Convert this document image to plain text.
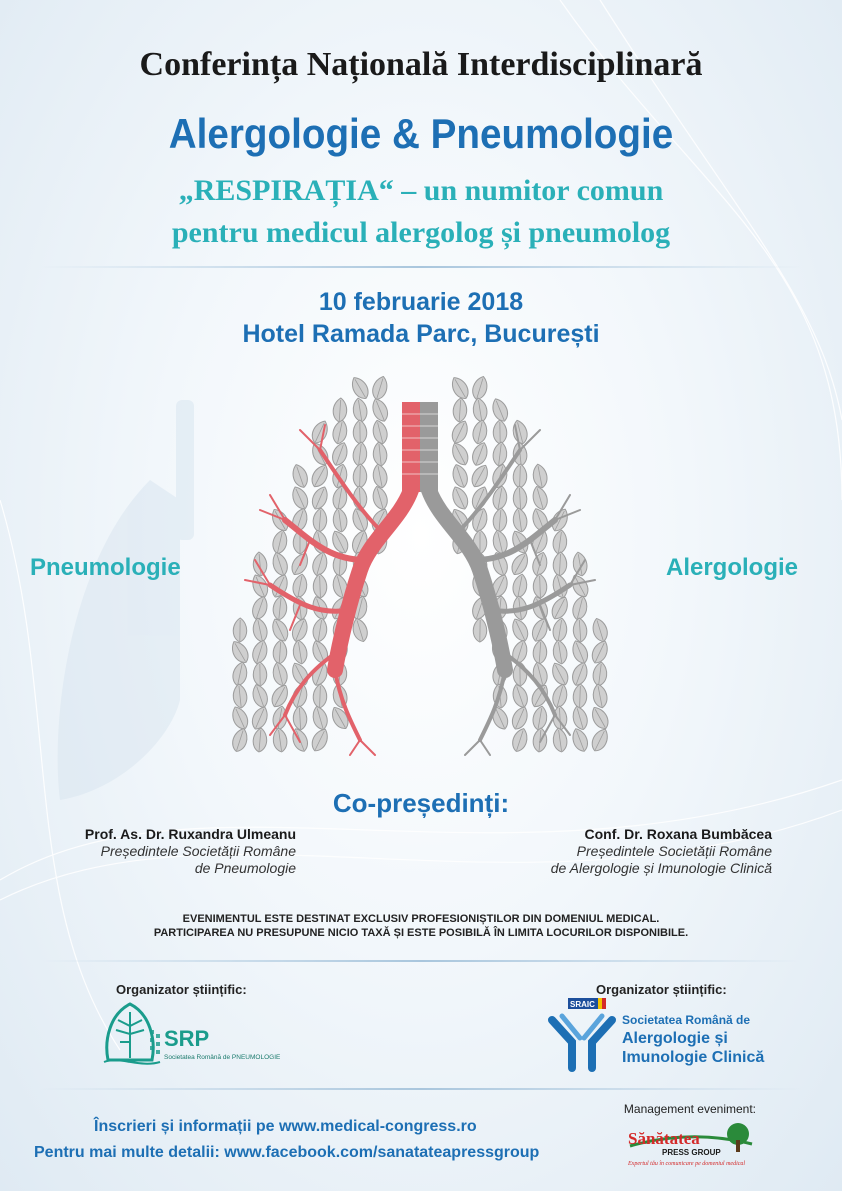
Conferința Națională Interdisciplinară
Alergologie & Pneumologie
„RESPIRAȚIA“ – un numitor comun
pentru medicul alergolog și pneumolog
10 februarie 2018
Hotel Ramada Parc, București
Pneumologie	Alergologie
Co-președinți:
Prof. As. Dr. Ruxandra Ulmeanu
Președintele Societății Române
de Pneumologie
Conf. Dr. Roxana Bumbăcea
Președintele Societății Române
de Alergologie și Imunologie Clinică
EVENIMENTUL ESTE DESTINAT EXCLUSIV PROFESIONIȘTILOR DIN DOMENIUL MEDICAL.
PARTICIPAREA NU PRESUPUNE NICIO TAXĂ ȘI ESTE POSIBILĂ ÎN LIMITA LOCURILOR DISPONIBILE.
Organizator științific:	Organizator științific:
SRP
Societatea Română de PNEUMOLOGIE
SRAIC
Societatea Română de
Alergologie și
Imunologie Clinică
Înscrieri și informații pe www.medical-congress.ro
Pentru mai multe detalii: www.facebook.com/sanatateapressgroup
Management eveniment:
Sănătatea
PRESS GROUP
Expertul tău în comunicare pe domeniul medical
